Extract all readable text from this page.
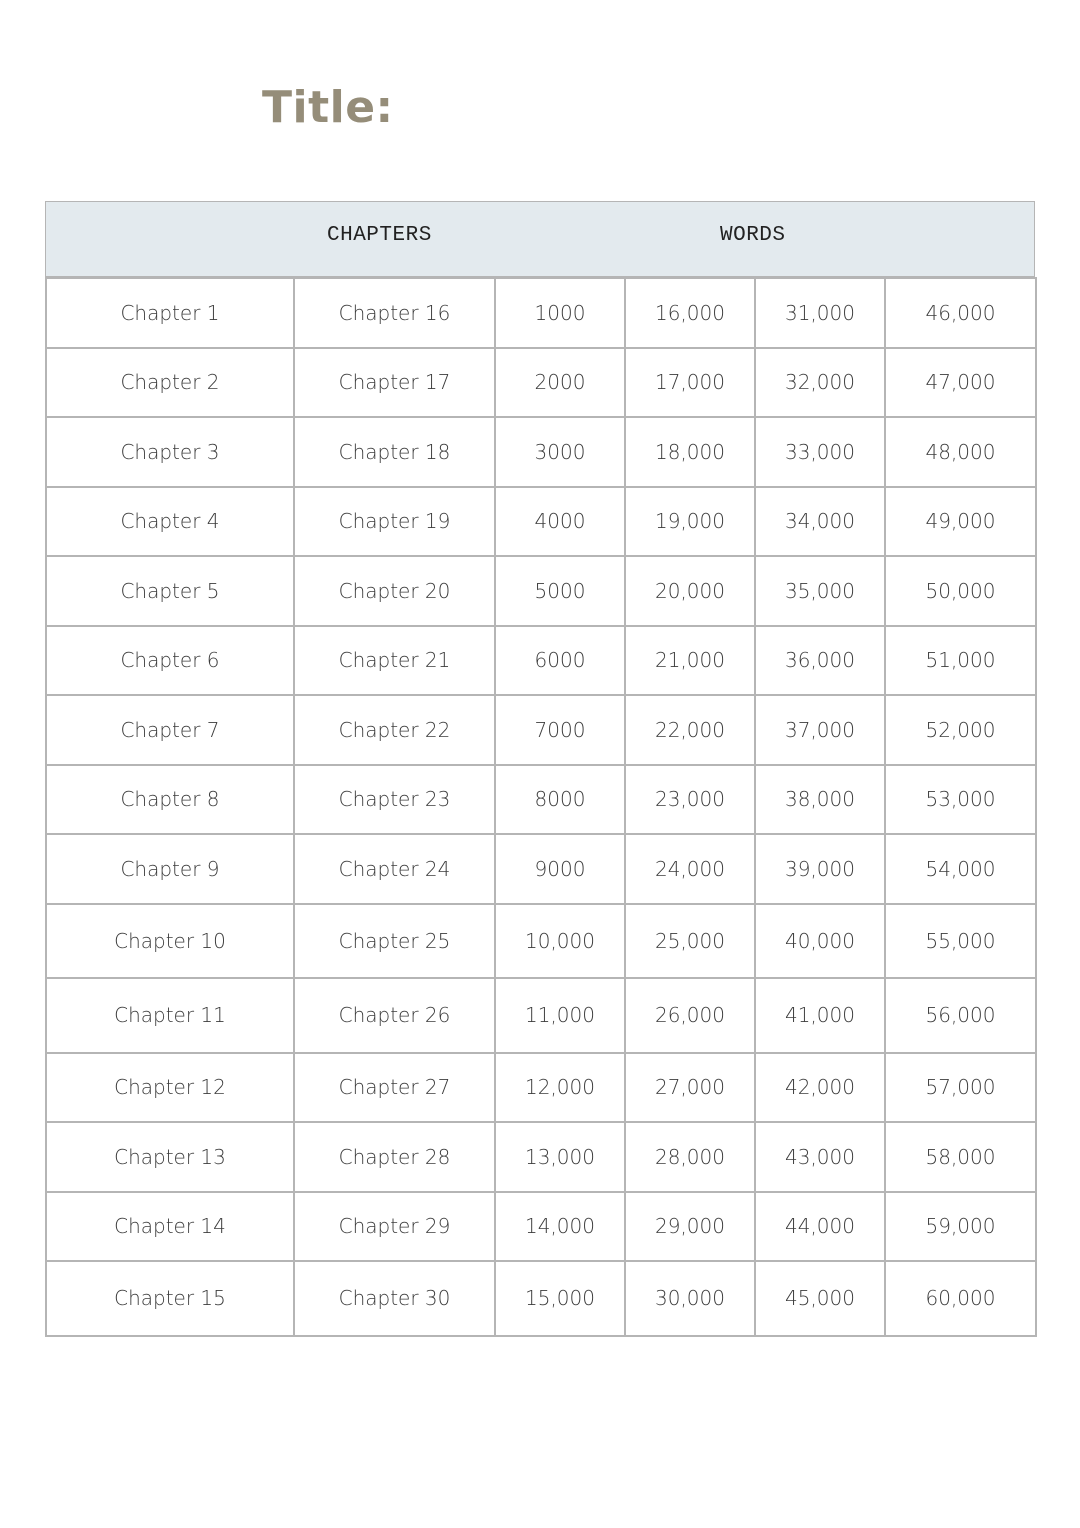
Title:
CHAPTERS	WORDS
Chapter 1	Chapter 16	1000	16,000	31,000	46,000
Chapter 2	Chapter 17	2000	17,000	32,000	47,000
Chapter 3	Chapter 18	3000	18,000	33,000	48,000
Chapter 4	Chapter 19	4000	19,000	34,000	49,000
Chapter 5	Chapter 20	5000	20,000	35,000	50,000
Chapter 6	Chapter 21	6000	21,000	36,000	51,000
Chapter 7	Chapter 22	7000	22,000	37,000	52,000
Chapter 8	Chapter 23	8000	23,000	38,000	53,000
Chapter 9	Chapter 24	9000	24,000	39,000	54,000
Chapter 10	Chapter 25	10,000	25,000	40,000	55,000
Chapter 11	Chapter 26	11,000	26,000	41,000	56,000
Chapter 12	Chapter 27	12,000	27,000	42,000	57,000
Chapter 13	Chapter 28	13,000	28,000	43,000	58,000
Chapter 14	Chapter 29	14,000	29,000	44,000	59,000
Chapter 15	Chapter 30	15,000	30,000	45,000	60,000
